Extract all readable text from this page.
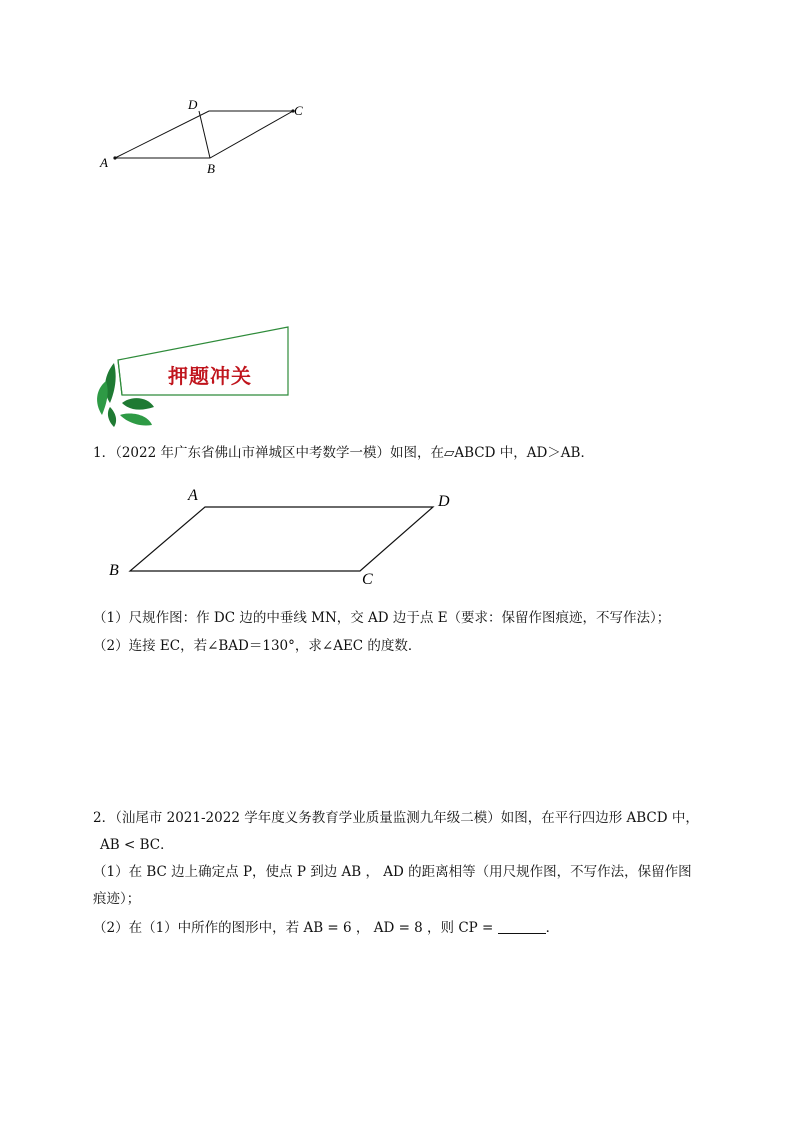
A
D	C
B
押题冲关
1．（2022 年广东省佛山市禅城区中考数学一模）如图，在▱ABCD 中，AD＞AB．
A	D
B
C
（1）尺规作图：作 DC 边的中垂线 MN，交 AD 边于点 E（要求：保留作图痕迹，不写作法）；
（2）连接 EC，若∠BAD＝130°，求∠AEC 的度数．
2．（汕尾市 2021-2022 学年度义务教育学业质量监测九年级二模）如图，在平行四边形 ABCD 中，
AB < BC．
（1）在 BC 边上确定点 P，使点 P 到边 AB ， AD 的距离相等（用尺规作图，不写作法，保留作图
痕迹）；
（2）在（1）中所作的图形中，若 AB = 6 ， AD = 8 ，则 CP =	．
